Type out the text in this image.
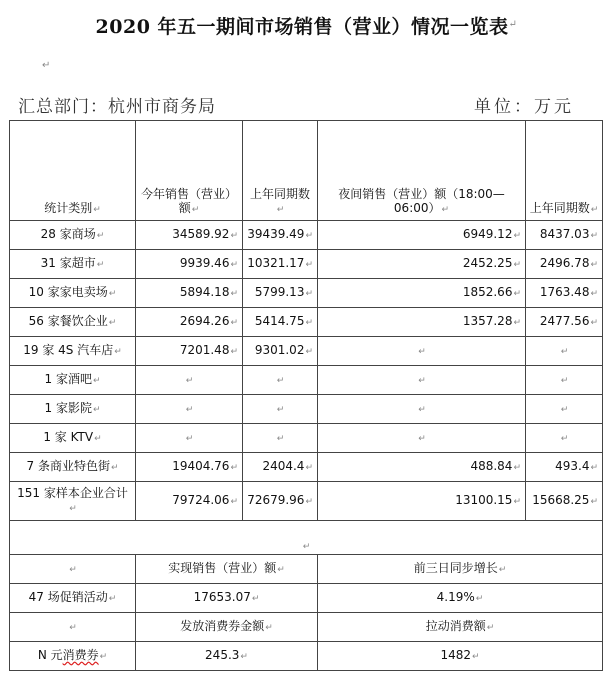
2020 年五一期间市场销售（营业）情况一览表↵
↵
汇总部门：杭州市商务局	单位：万元
统计类别↵	今年销售（营业）额↵	上年同期数↵	夜间销售（营业）额（18:00—06:00）↵	上年同期数↵
28 家商场↵	34589.92↵	39439.49↵	6949.12↵	8437.03↵
31 家超市↵	9939.46↵	10321.17↵	2452.25↵	2496.78↵
10 家家电卖场↵	5894.18↵	5799.13↵	1852.66↵	1763.48↵
56 家餐饮企业↵	2694.26↵	5414.75↵	1357.28↵	2477.56↵
19 家 4S 汽车店↵	7201.48↵	9301.02↵	↵	↵
1 家酒吧↵	↵	↵	↵	↵
1 家影院↵	↵	↵	↵	↵
1 家 KTV↵	↵	↵	↵	↵
7 条商业特色街↵	19404.76↵	2404.4↵	488.84↵	493.4↵
151 家样本企业合计↵	79724.06↵	72679.96↵	13100.15↵	15668.25↵
↵				
↵	实现销售（营业）额↵		前三日同步增长↵	
47 场促销活动↵	17653.07↵		4.19%↵	
↵	发放消费券金额↵		拉动消费额↵	
N 元消费券↵	245.3↵		1482↵	
